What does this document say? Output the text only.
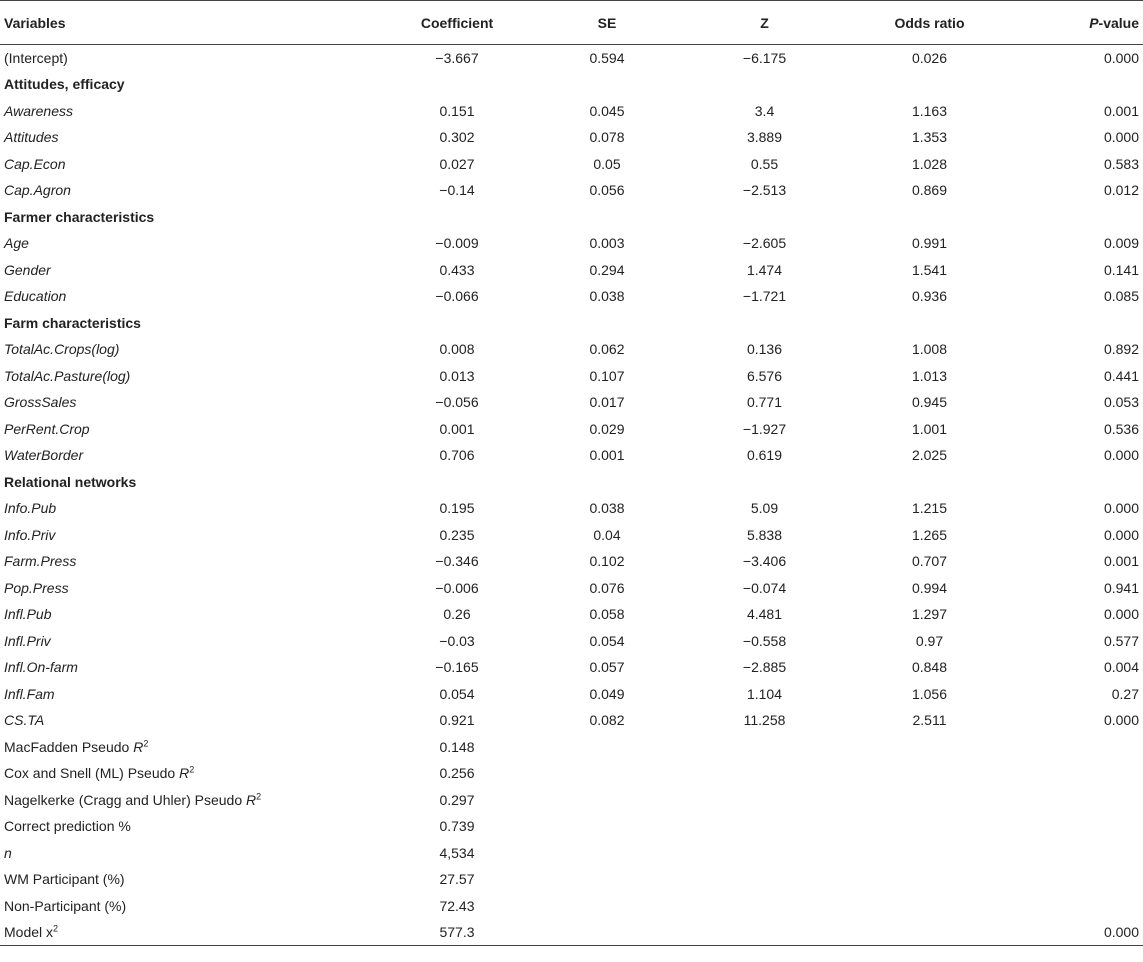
Variables	Coefficient	SE	Z	Odds ratio	P-value
(Intercept)	−3.667	0.594	−6.175	0.026	0.000
Attitudes, efficacy					
Awareness	0.151	0.045	3.4	1.163	0.001
Attitudes	0.302	0.078	3.889	1.353	0.000
Cap.Econ	0.027	0.05	0.55	1.028	0.583
Cap.Agron	−0.14	0.056	−2.513	0.869	0.012
Farmer characteristics					
Age	−0.009	0.003	−2.605	0.991	0.009
Gender	0.433	0.294	1.474	1.541	0.141
Education	−0.066	0.038	−1.721	0.936	0.085
Farm characteristics					
TotalAc.Crops(log)	0.008	0.062	0.136	1.008	0.892
TotalAc.Pasture(log)	0.013	0.107	6.576	1.013	0.441
GrossSales	−0.056	0.017	0.771	0.945	0.053
PerRent.Crop	0.001	0.029	−1.927	1.001	0.536
WaterBorder	0.706	0.001	0.619	2.025	0.000
Relational networks					
Info.Pub	0.195	0.038	5.09	1.215	0.000
Info.Priv	0.235	0.04	5.838	1.265	0.000
Farm.Press	−0.346	0.102	−3.406	0.707	0.001
Pop.Press	−0.006	0.076	−0.074	0.994	0.941
Infl.Pub	0.26	0.058	4.481	1.297	0.000
Infl.Priv	−0.03	0.054	−0.558	0.97	0.577
Infl.On-farm	−0.165	0.057	−2.885	0.848	0.004
Infl.Fam	0.054	0.049	1.104	1.056	0.27
CS.TA	0.921	0.082	11.258	2.511	0.000
MacFadden Pseudo $R^2$	0.148				
Cox and Snell (ML) Pseudo $R^2$	0.256				
Nagelkerke (Cragg and Uhler) Pseudo $R^2$	0.297				
Correct prediction %	0.739				
n	4,534				
WM Participant (%)	27.57				
Non-Participant (%)	72.43				
Model $x^2$	577.3				0.000
